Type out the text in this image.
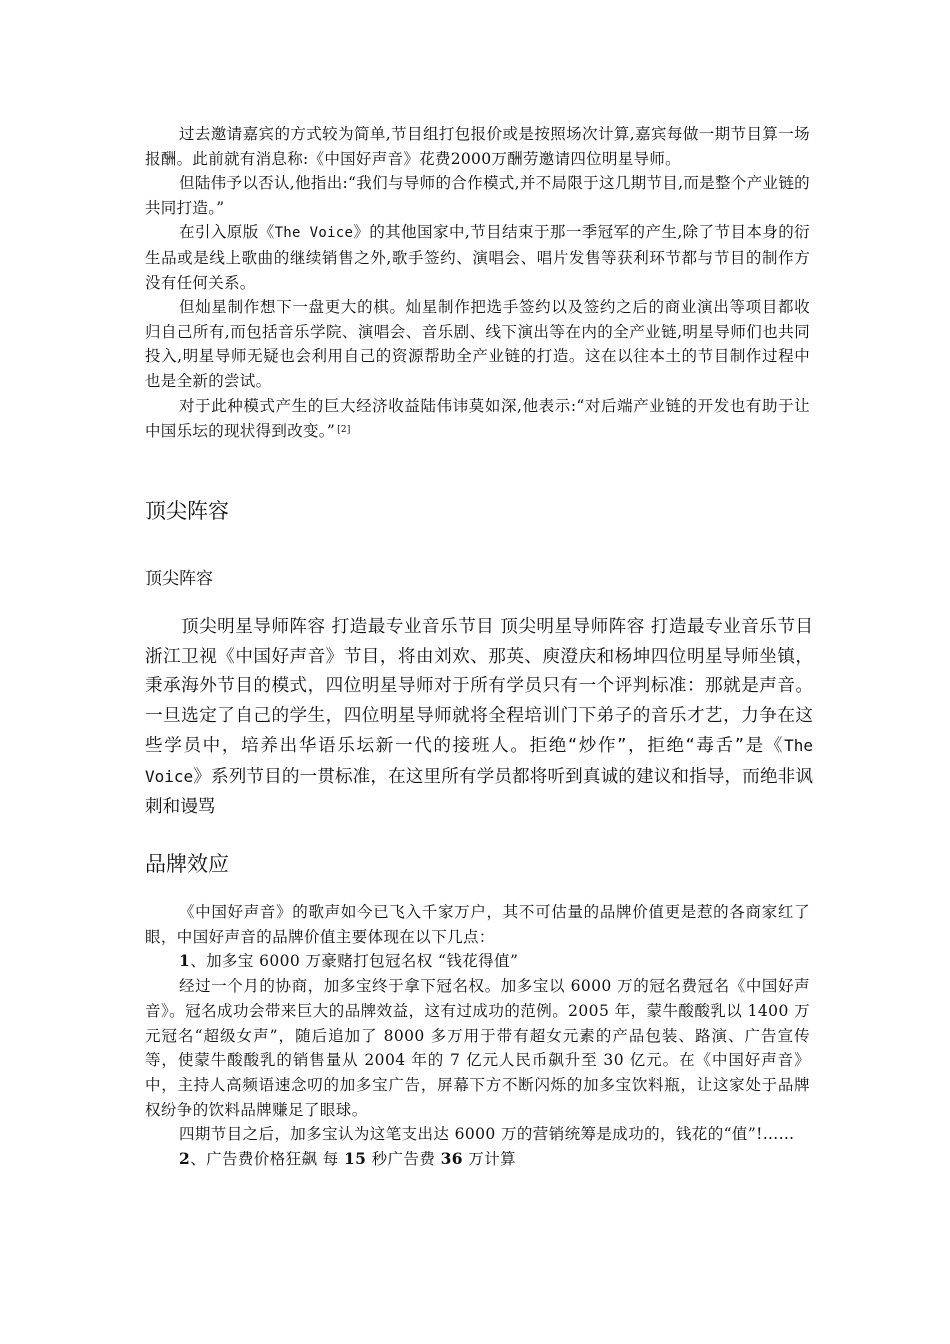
过去邀请嘉宾的方式较为简单,节目组打包报价或是按照场次计算,嘉宾每做一期节目算一场报酬。此前就有消息称:《中国好声音》花费2000万酬劳邀请四位明星导师。

但陆伟予以否认,他指出:“我们与导师的合作模式,并不局限于这几期节目,而是整个产业链的共同打造。”

在引入原版《The Voice》的其他国家中,节目结束于那一季冠军的产生,除了节目本身的衍生品或是线上歌曲的继续销售之外,歌手签约、演唱会、唱片发售等获利环节都与节目的制作方没有任何关系。

但灿星制作想下一盘更大的棋。灿星制作把选手签约以及签约之后的商业演出等项目都收归自己所有,而包括音乐学院、演唱会、音乐剧、线下演出等在内的全产业链,明星导师们也共同投入,明星导师无疑也会利用自己的资源帮助全产业链的打造。这在以往本土的节目制作过程中也是全新的尝试。

对于此种模式产生的巨大经济收益陆伟讳莫如深,他表示:“对后端产业链的开发也有助于让中国乐坛的现状得到改变。” [2]

顶尖阵容
顶尖阵容

顶尖明星导师阵容 打造最专业音乐节目 顶尖明星导师阵容 打造最专业音乐节目浙江卫视《中国好声音》节目，将由刘欢、那英、庾澄庆和杨坤四位明星导师坐镇，秉承海外节目的模式，四位明星导师对于所有学员只有一个评判标准：那就是声音。一旦选定了自己的学生，四位明星导师就将全程培训门下弟子的音乐才艺，力争在这些学员中，培养出华语乐坛新一代的接班人。拒绝“炒作”，拒绝“毒舌”是《The Voice》系列节目的一贯标准，在这里所有学员都将听到真诚的建议和指导，而绝非讽刺和谩骂

品牌效应

《中国好声音》的歌声如今已飞入千家万户，其不可估量的品牌价值更是惹的各商家红了眼，中国好声音的品牌价值主要体现在以下几点：

1、加多宝 6000 万豪赌打包冠名权 “钱花得值”

经过一个月的协商，加多宝终于拿下冠名权。加多宝以 6000 万的冠名费冠名《中国好声音》。冠名成功会带来巨大的品牌效益，这有过成功的范例。2005 年，蒙牛酸酸乳以 1400 万元冠名“超级女声”，随后追加了 8000 多万用于带有超女元素的产品包装、路演、广告宣传等，使蒙牛酸酸乳的销售量从 2004 年的 7 亿元人民币飙升至 30 亿元。在《中国好声音》中，主持人高频语速念叨的加多宝广告，屏幕下方不断闪烁的加多宝饮料瓶，让这家处于品牌权纷争的饮料品牌赚足了眼球。

四期节目之后，加多宝认为这笔支出达 6000 万的营销统筹是成功的，钱花的“值”!……

2、广告费价格狂飙 每 15 秒广告费 36 万计算
